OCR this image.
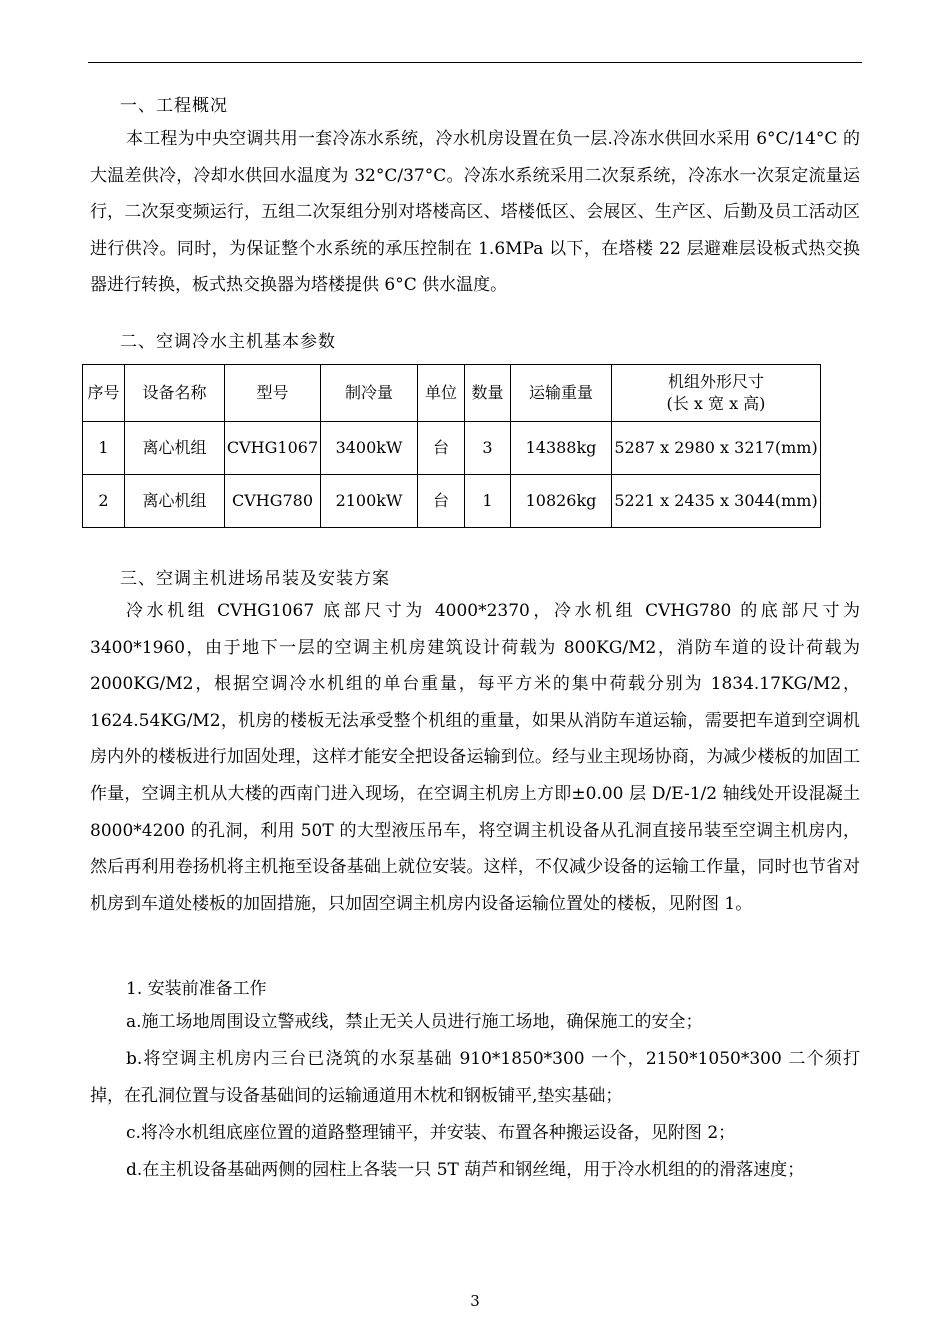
一、工程概况

本工程为中央空调共用一套冷冻水系统，冷水机房设置在负一层.冷冻水供回水采用 6°C/14°C 的大温差供冷，冷却水供回水温度为 32°C/37°C。冷冻水系统采用二次泵系统，冷冻水一次泵定流量运行，二次泵变频运行，五组二次泵组分别对塔楼高区、塔楼低区、会展区、生产区、后勤及员工活动区进行供冷。同时，为保证整个水系统的承压控制在 1.6MPa 以下，在塔楼 22 层避难层设板式热交换器进行转换，板式热交换器为塔楼提供 6°C 供水温度。

二、空调冷水主机基本参数
序号	设备名称	型号	制冷量	单位	数量	运输重量	机组外形尺寸
(长 x 宽 x 高)

1	离心机组	CVHG1067	3400kW	台	3	14388kg	5287 x 2980 x 3217(mm)
2	离心机组	CVHG780	2100kW	台	1	10826kg	5221 x 2435 x 3044(mm)
三、空调主机进场吊装及安装方案

冷水机组 CVHG1067 底部尺寸为 4000*2370，冷水机组 CVHG780 的底部尺寸为 3400*1960，由于地下一层的空调主机房建筑设计荷载为 800KG/M2，消防车道的设计荷载为 2000KG/M2，根据空调冷水机组的单台重量，每平方米的集中荷载分别为 1834.17KG/M2，1624.54KG/M2，机房的楼板无法承受整个机组的重量，如果从消防车道运输，需要把车道到空调机房内外的楼板进行加固处理，这样才能安全把设备运输到位。经与业主现场协商，为减少楼板的加固工作量，空调主机从大楼的西南门进入现场，在空调主机房上方即±0.00 层 D/E-1/2 轴线处开设混凝土 8000*4200 的孔洞，利用 50T 的大型液压吊车，将空调主机设备从孔洞直接吊装至空调主机房内，然后再利用卷扬机将主机拖至设备基础上就位安装。这样，不仅减少设备的运输工作量，同时也节省对机房到车道处楼板的加固措施，只加固空调主机房内设备运输位置处的楼板，见附图 1。

1. 安装前准备工作

a.施工场地周围设立警戒线，禁止无关人员进行施工场地，确保施工的安全；

b.将空调主机房内三台已浇筑的水泵基础 910*1850*300 一个，2150*1050*300 二个须打掉，在孔洞位置与设备基础间的运输通道用木枕和钢板铺平,垫实基础；

c.将冷水机组底座位置的道路整理铺平，并安装、布置各种搬运设备，见附图 2；

d.在主机设备基础两侧的园柱上各装一只 5T 葫芦和钢丝绳，用于冷水机组的的滑落速度；

3
